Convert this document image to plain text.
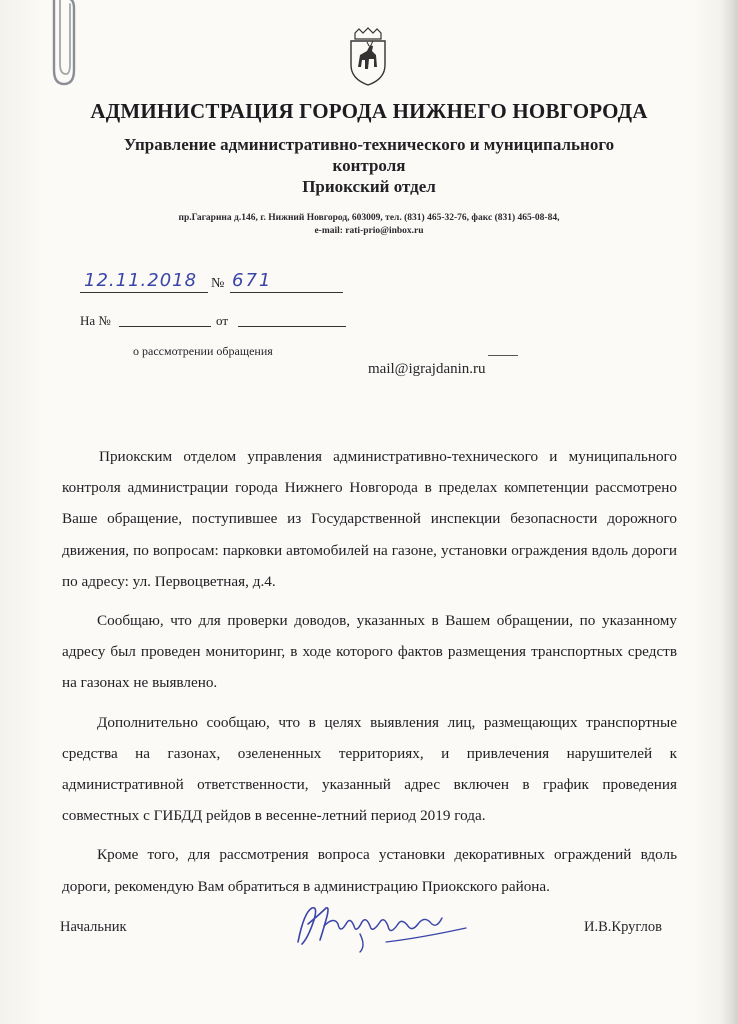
АДМИНИСТРАЦИЯ ГОРОДА НИЖНЕГО НОВГОРОДА
Управление административно-технического и муниципального
контроля
Приокский отдел
пр.Гагарина д.146, г. Нижний Новгород, 603009, тел. (831) 465-32-76, факс (831) 465-08-84,
e-mail: rati-prio@inbox.ru
12.11.2018 № 671
На №	от
о рассмотрении обращения
mail@igrajdanin.ru

Приокским отделом управления административно-технического и муниципального контроля администрации города Нижнего Новгорода в пределах компетенции рассмотрено Ваше обращение, поступившее из Государственной инспекции безопасности дорожного движения, по вопросам: парковки автомобилей на газоне, установки ограждения вдоль дороги по адресу: ул. Первоцветная, д.4.

Сообщаю, что для проверки доводов, указанных в Вашем обращении, по указанному адресу был проведен мониторинг, в ходе которого фактов размещения транспортных средств на газонах не выявлено.

Дополнительно сообщаю, что в целях выявления лиц, размещающих транспортные средства на газонах, озелененных территориях, и привлечения нарушителей к административной ответственности, указанный адрес включен в график проведения совместных с ГИБДД рейдов в весенне-летний период 2019 года.

Кроме того, для рассмотрения вопроса установки декоративных ограждений вдоль дороги, рекомендую Вам обратиться в администрацию Приокского района.

Начальник	И.В.Круглов
